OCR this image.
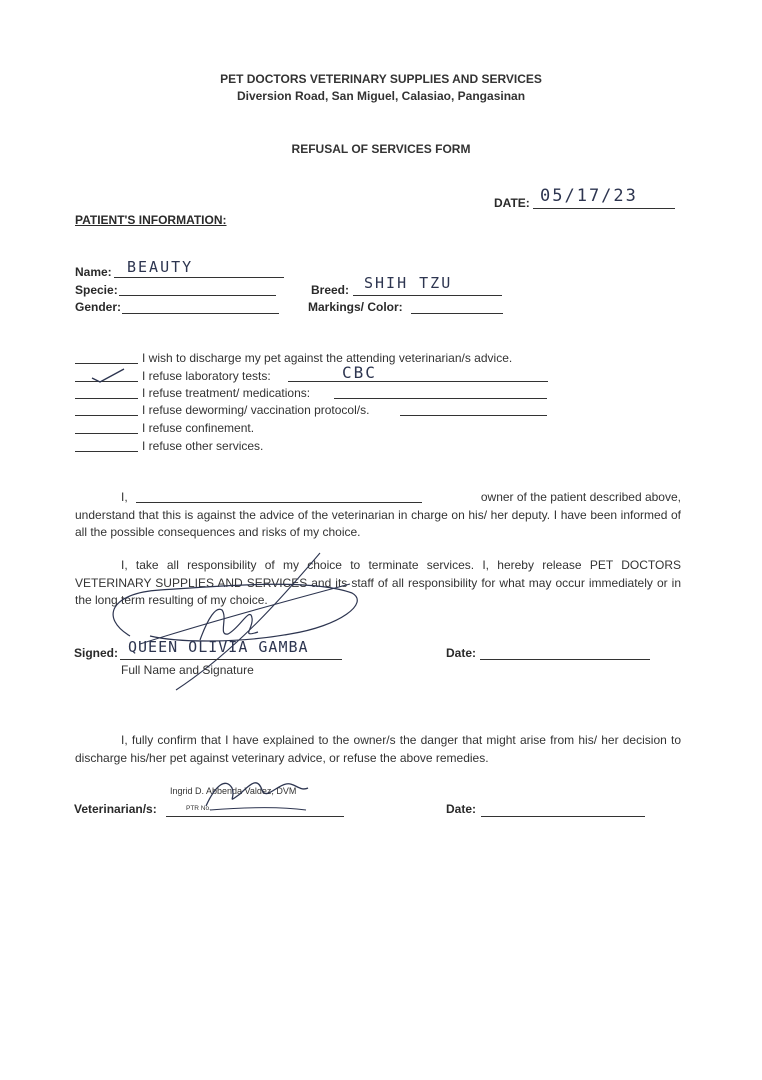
PET DOCTORS VETERINARY SUPPLIES AND SERVICES
Diversion Road, San Miguel, Calasiao, Pangasinan
REFUSAL OF SERVICES FORM
DATE: 05/17/23
PATIENT'S INFORMATION:
Name: BEAUTY
Specie:	Breed: SHIH TZU
Gender:	Markings/ Color:
I wish to discharge my pet against the attending veterinarian/s advice.
I refuse laboratory tests:	CBC
I refuse treatment/ medications:
I refuse deworming/ vaccination protocol/s.
I refuse confinement.
I refuse other services.
I,	owner of the patient described above,

understand that this is against the advice of the veterinarian in charge on his/ her deputy. I have been informed of all the possible consequences and risks of my choice.

I, take all responsibility of my choice to terminate services. I, hereby release PET DOCTORS VETERINARY SUPPLIES AND SERVICES and its staff of all responsibility for what may occur immediately or in the long term resulting of my choice.
Signed: QUEEN OLIVIA GAMBA
Full Name and Signature
Date:
I, fully confirm that I have explained to the owner/s the danger that might arise from his/ her decision to discharge his/her pet against veterinary advice, or refuse the above remedies.
Veterinarian/s:
Ingrid D. Abbenda Valdez, DVM
PTR No.	Date:
